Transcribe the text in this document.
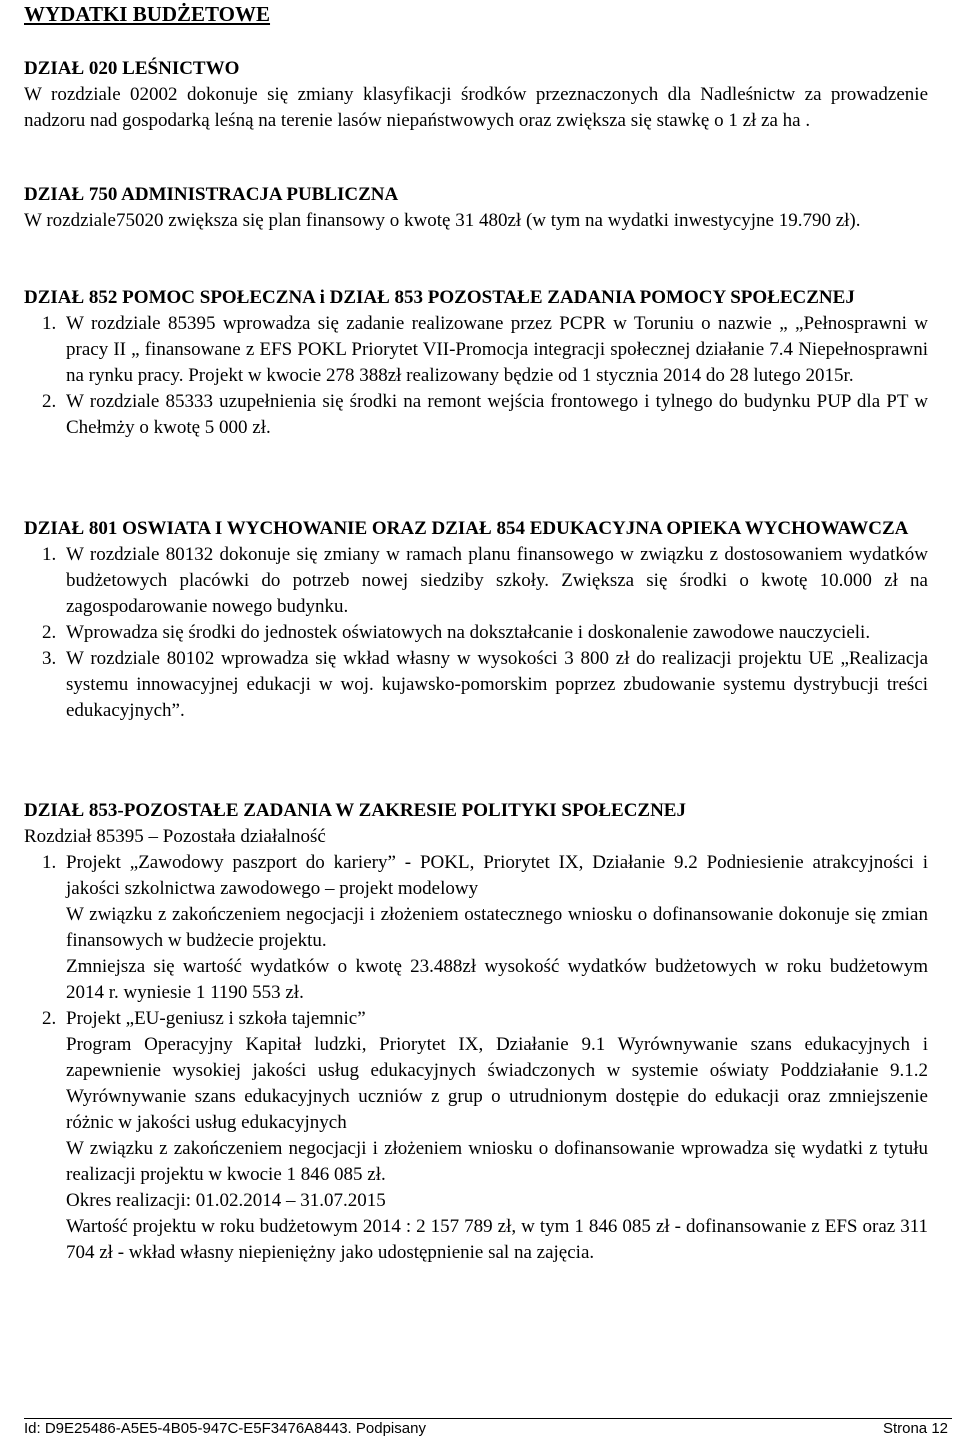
WYDATKI BUDŻETOWE

DZIAŁ 020 LEŚNICTWO

W rozdziale 02002 dokonuje się zmiany klasyfikacji środków przeznaczonych dla Nadleśnictw za prowadzenie nadzoru nad gospodarką leśną na terenie lasów niepaństwowych oraz zwiększa się stawkę o 1 zł za ha .

DZIAŁ 750 ADMINISTRACJA PUBLICZNA

W rozdziale75020 zwiększa się plan finansowy o kwotę 31 480zł (w tym na wydatki inwestycyjne 19.790 zł).

DZIAŁ 852 POMOC SPOŁECZNA i DZIAŁ 853 POZOSTAŁE ZADANIA POMOCY SPOŁECZNEJ

1. W rozdziale 85395 wprowadza się zadanie realizowane przez PCPR w Toruniu o nazwie „ „Pełnosprawni w pracy II „ finansowane z EFS POKL Priorytet VII-Promocja integracji społecznej działanie 7.4 Niepełnosprawni na rynku pracy. Projekt w kwocie 278 388zł realizowany będzie od 1 stycznia 2014 do 28 lutego 2015r.

2. W rozdziale 85333 uzupełnienia się środki na remont wejścia frontowego i tylnego do budynku PUP dla PT w Chełmży o kwotę 5 000 zł.

DZIAŁ 801 OSWIATA I WYCHOWANIE ORAZ DZIAŁ 854 EDUKACYJNA OPIEKA WYCHOWAWCZA

1. W rozdziale 80132 dokonuje się zmiany w ramach planu finansowego w związku z dostosowaniem wydatków budżetowych placówki do potrzeb nowej siedziby szkoły. Zwiększa się środki o kwotę 10.000 zł na zagospodarowanie nowego budynku.

2. Wprowadza się środki do jednostek oświatowych na dokształcanie i doskonalenie zawodowe nauczycieli.

3. W rozdziale 80102 wprowadza się wkład własny w wysokości 3 800 zł do realizacji projektu UE „Realizacja systemu innowacyjnej edukacji w woj. kujawsko-pomorskim poprzez zbudowanie systemu dystrybucji treści edukacyjnych”.

DZIAŁ 853-POZOSTAŁE ZADANIA W ZAKRESIE POLITYKI SPOŁECZNEJ

Rozdział 85395 – Pozostała działalność

1. Projekt „Zawodowy paszport do kariery” - POKL, Priorytet IX, Działanie 9.2 Podniesienie atrakcyjności i jakości szkolnictwa zawodowego – projekt modelowy

W związku z zakończeniem negocjacji i złożeniem ostatecznego wniosku o dofinansowanie dokonuje się zmian finansowych w budżecie projektu.

Zmniejsza się wartość wydatków o kwotę 23.488zł wysokość wydatków budżetowych w roku budżetowym 2014 r. wyniesie 1 1190 553 zł.

2. Projekt „EU-geniusz i szkoła tajemnic”

Program Operacyjny Kapitał ludzki, Priorytet IX, Działanie 9.1 Wyrównywanie szans edukacyjnych i zapewnienie wysokiej jakości usług edukacyjnych świadczonych w systemie oświaty Poddziałanie 9.1.2 Wyrównywanie szans edukacyjnych uczniów z grup o utrudnionym dostępie do edukacji oraz zmniejszenie różnic w jakości usług edukacyjnych

W związku z zakończeniem negocjacji i złożeniem wniosku o dofinansowanie wprowadza się wydatki z tytułu realizacji projektu w kwocie 1 846 085 zł.

Okres realizacji: 01.02.2014 – 31.07.2015

Wartość projektu w roku budżetowym 2014 : 2 157 789 zł, w tym 1 846 085 zł - dofinansowanie z EFS oraz 311 704 zł - wkład własny niepieniężny jako udostępnienie sal na zajęcia.

Id: D9E25486-A5E5-4B05-947C-E5F3476A8443. Podpisany	Strona 12
